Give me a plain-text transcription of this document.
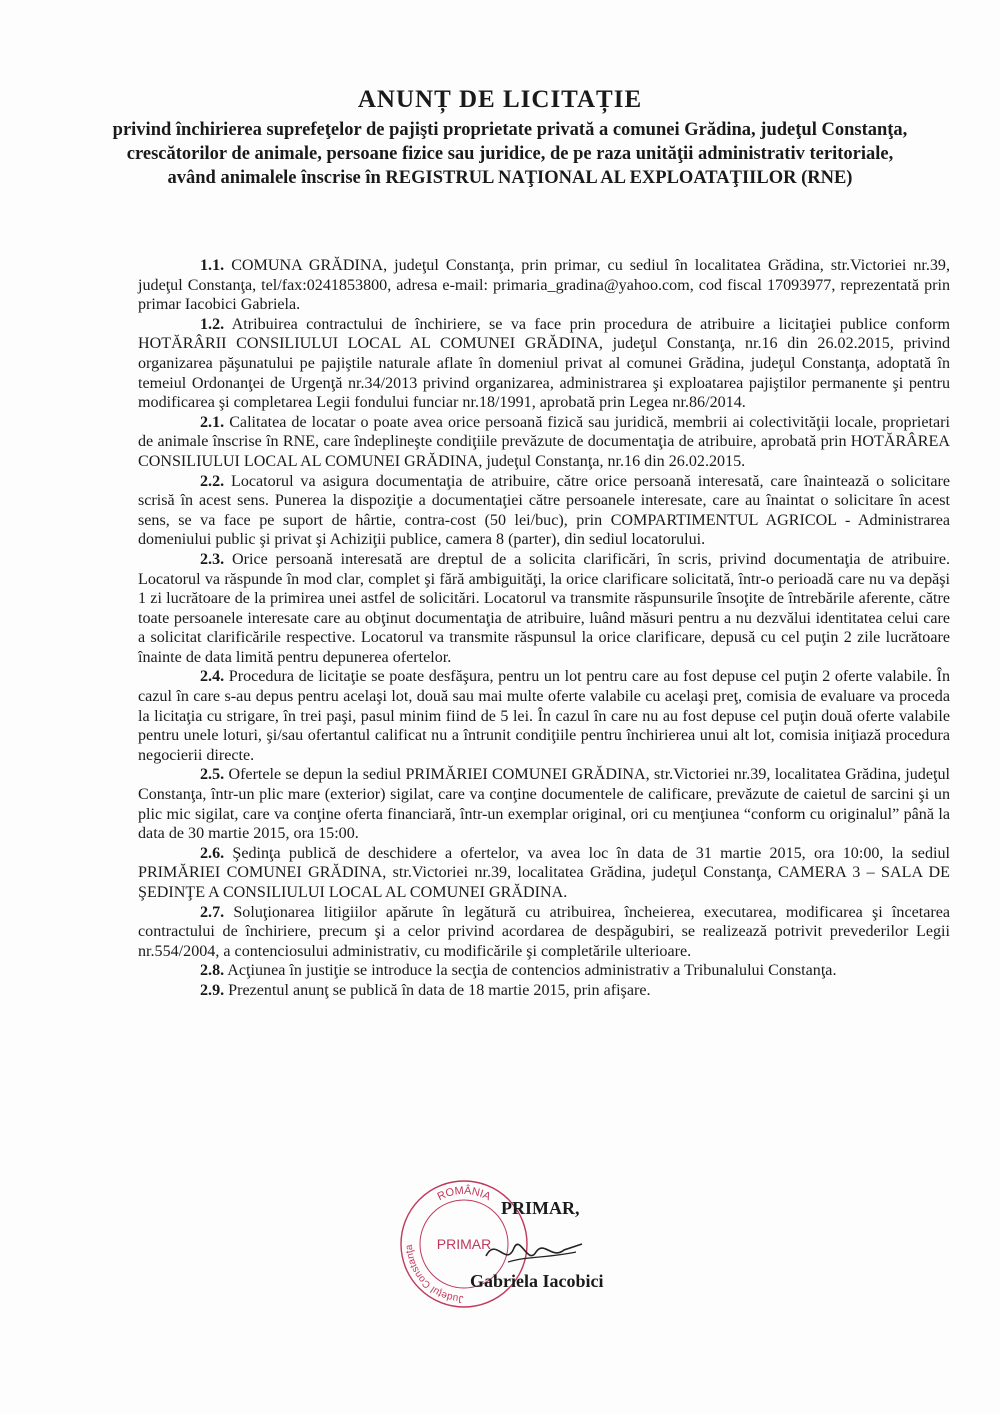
ANUNȚ DE LICITAȚIE
privind închirierea suprefeţelor de pajişti proprietate privată a comunei Grădina, judeţul Constanţa, crescătorilor de animale, persoane fizice sau juridice, de pe raza unităţii administrativ teritoriale, având animalele înscrise în REGISTRUL NAŢIONAL AL EXPLOATAŢIILOR (RNE)

1.1. COMUNA GRĂDINA, judeţul Constanţa, prin primar, cu sediul în localitatea Grădina, str.Victoriei nr.39, judeţul Constanţa, tel/fax:0241853800, adresa e-mail: primaria_gradina@yahoo.com, cod fiscal 17093977, reprezentată prin primar Iacobici Gabriela.

1.2. Atribuirea contractului de închiriere, se va face prin procedura de atribuire a licitaţiei publice conform HOTĂRÂRII CONSILIULUI LOCAL AL COMUNEI GRĂDINA, judeţul Constanţa, nr.16 din 26.02.2015, privind organizarea păşunatului pe pajiştile naturale aflate în domeniul privat al comunei Grădina, judeţul Constanţa, adoptată în temeiul Ordonanţei de Urgenţă nr.34/2013 privind organizarea, administrarea şi exploatarea pajiştilor permanente şi pentru modificarea şi completarea Legii fondului funciar nr.18/1991, aprobată prin Legea nr.86/2014.

2.1. Calitatea de locatar o poate avea orice persoană fizică sau juridică, membrii ai colectivităţii locale, proprietari de animale înscrise în RNE, care îndeplineşte condiţiile prevăzute de documentaţia de atribuire, aprobată prin HOTĂRÂREA CONSILIULUI LOCAL AL COMUNEI GRĂDINA, judeţul Constanţa, nr.16 din 26.02.2015.

2.2. Locatorul va asigura documentaţia de atribuire, către orice persoană interesată, care înaintează o solicitare scrisă în acest sens. Punerea la dispoziţie a documentaţiei către persoanele interesate, care au înaintat o solicitare în acest sens, se va face pe suport de hârtie, contra-cost (50 lei/buc), prin COMPARTIMENTUL AGRICOL - Administrarea domeniului public şi privat şi Achiziţii publice, camera 8 (parter), din sediul locatorului.

2.3. Orice persoană interesată are dreptul de a solicita clarificări, în scris, privind documentaţia de atribuire. Locatorul va răspunde în mod clar, complet şi fără ambiguităţi, la orice clarificare solicitată, într-o perioadă care nu va depăşi 1 zi lucrătoare de la primirea unei astfel de solicitări. Locatorul va transmite răspunsurile însoţite de întrebările aferente, către toate persoanele interesate care au obţinut documentaţia de atribuire, luând măsuri pentru a nu dezvălui identitatea celui care a solicitat clarificările respective. Locatorul va transmite răspunsul la orice clarificare, depusă cu cel puţin 2 zile lucrătoare înainte de data limită pentru depunerea ofertelor.

2.4. Procedura de licitaţie se poate desfăşura, pentru un lot pentru care au fost depuse cel puţin 2 oferte valabile. În cazul în care s-au depus pentru acelaşi lot, două sau mai multe oferte valabile cu acelaşi preţ, comisia de evaluare va proceda la licitaţia cu strigare, în trei paşi, pasul minim fiind de 5 lei. În cazul în care nu au fost depuse cel puţin două oferte valabile pentru unele loturi, şi/sau ofertantul calificat nu a întrunit condiţiile pentru închirierea unui alt lot, comisia iniţiază procedura negocierii directe.

2.5. Ofertele se depun la sediul PRIMĂRIEI COMUNEI GRĂDINA, str.Victoriei nr.39, localitatea Grădina, judeţul Constanţa, într-un plic mare (exterior) sigilat, care va conţine documentele de calificare, prevăzute de caietul de sarcini şi un plic mic sigilat, care va conţine oferta financiară, într-un exemplar original, ori cu menţiunea “conform cu originalul” până la data de 30 martie 2015, ora 15:00.

2.6. Şedinţa publică de deschidere a ofertelor, va avea loc în data de 31 martie 2015, ora 10:00, la sediul PRIMĂRIEI COMUNEI GRĂDINA, str.Victoriei nr.39, localitatea Grădina, judeţul Constanţa, CAMERA 3 – SALA DE ŞEDINŢE A CONSILIULUI LOCAL AL COMUNEI GRĂDINA.

2.7. Soluţionarea litigiilor apărute în legătură cu atribuirea, încheierea, executarea, modificarea şi încetarea contractului de închiriere, precum şi a celor privind acordarea de despăgubiri, se realizează potrivit prevederilor Legii nr.554/2004, a contenciosului administrativ, cu modificările şi completările ulterioare.

2.8. Acţiunea în justiţie se introduce la secţia de contencios administrativ a Tribunalului Constanţa.

2.9. Prezentul anunţ se publică în data de 18 martie 2015, prin afişare.

ROMÂNIA
Judeţul Constanţa	PRIMAR
PRIMAR,
Gabriela Iacobici
